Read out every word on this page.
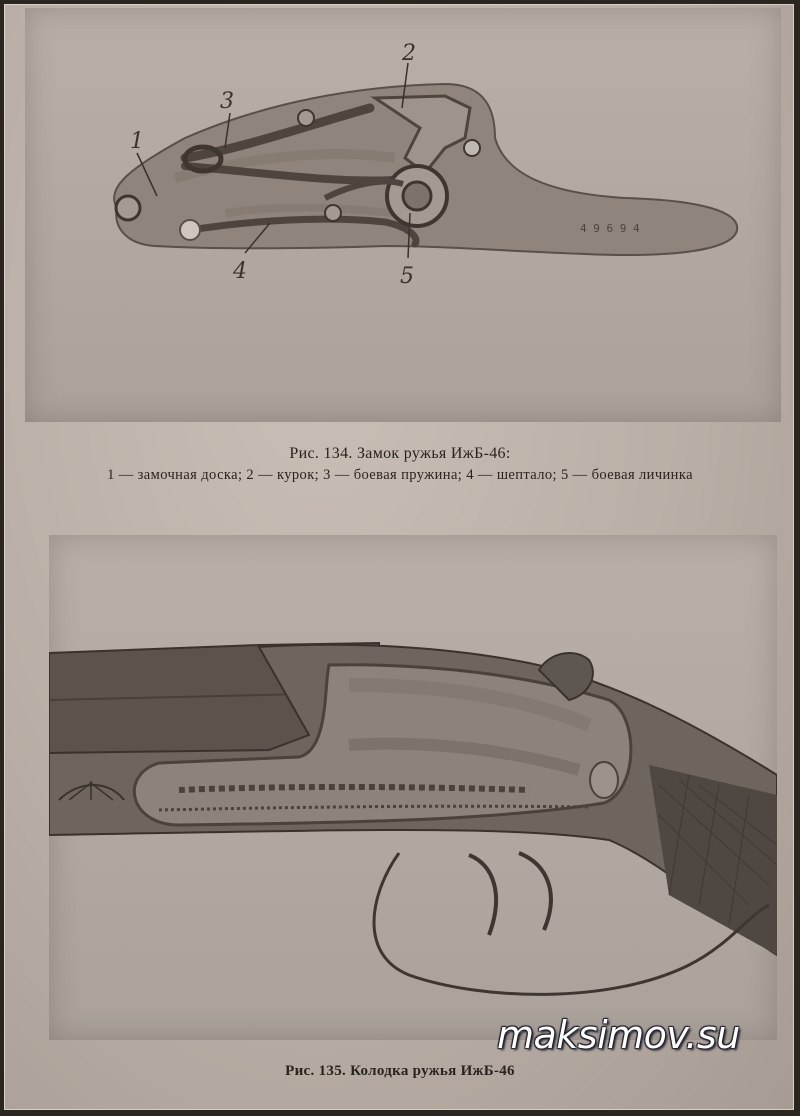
4 9 6 9 4
1
2
3
4	5
Рис. 134. Замок ружья ИжБ-46:
1 — замочная доска; 2 — курок; 3 — боевая пружина; 4 — шептало; 5 — боевая личинка
maksimov.su
Рис. 135. Колодка ружья ИжБ-46
